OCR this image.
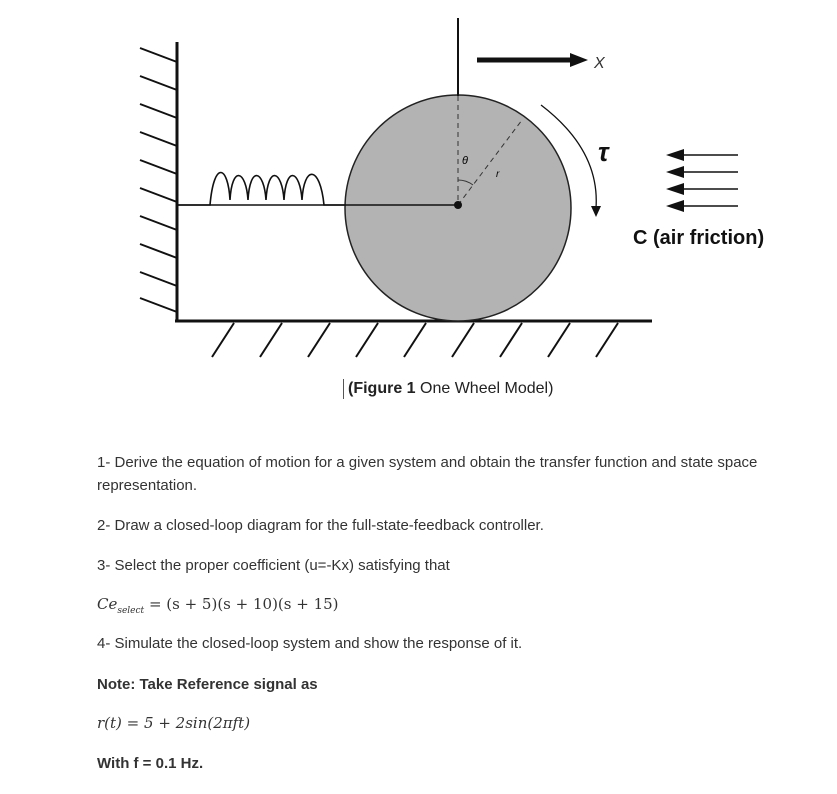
θ
r
X
τ
C (air friction)
(Figure 1 One Wheel Model)
1- Derive the equation of motion for a given system and obtain the transfer function and state space representation.
2- Draw a closed-loop diagram for the full-state-feedback controller.
3- Select the proper coefficient (u=-Kx) satisfying that
$Ce_{select} = (s + 5)(s + 10)(s + 15)$
4- Simulate the closed-loop system and show the response of it.
Note: Take Reference signal as
r(t) = 5 + 2sin(2πft)
With f = 0.1 Hz.
